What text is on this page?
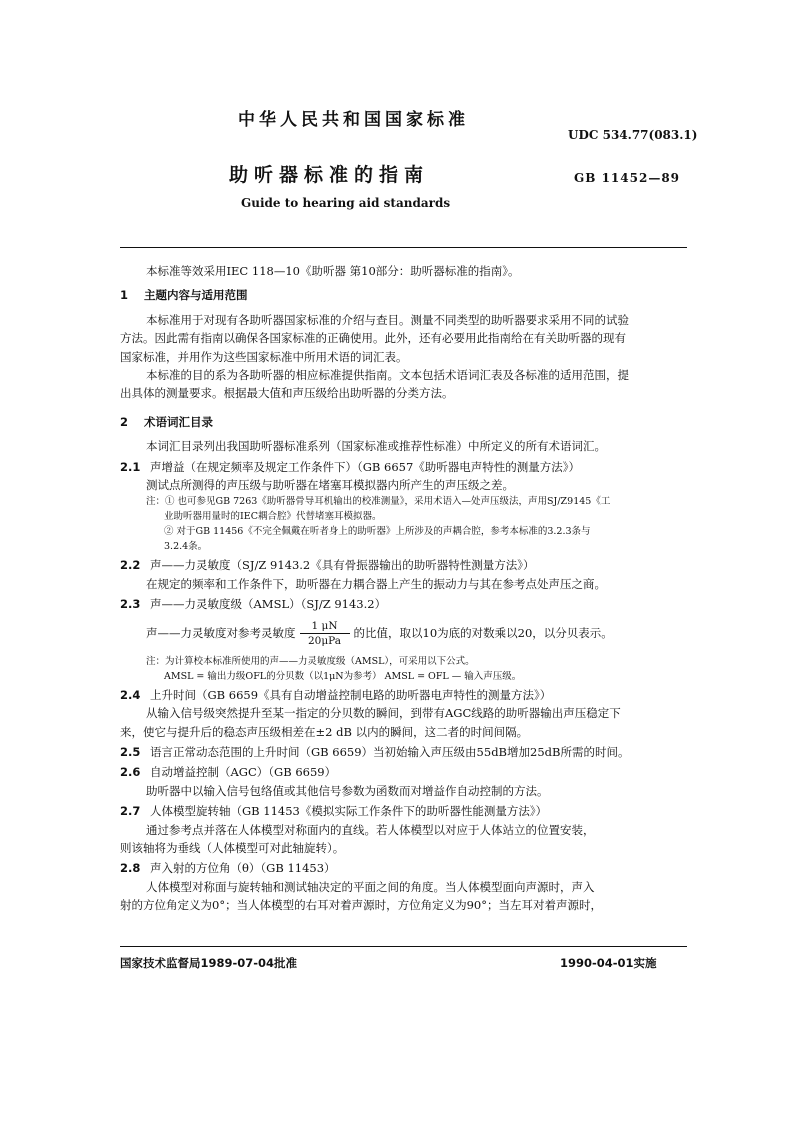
中华人民共和国国家标准
UDC 534.77(083.1)
助听器标准的指南	GB 11452—89
Guide to hearing aid standards

本标准等效采用IEC 118—10《助听器 第10部分：助听器标准的指南》。

1 主题内容与适用范围

本标准用于对现有各助听器国家标准的介绍与查目。测量不同类型的助听器要求采用不同的试验

方法。因此需有指南以确保各国家标准的正确使用。此外，还有必要用此指南给在有关助听器的现有

国家标准，并用作为这些国家标准中所用术语的词汇表。

本标准的目的系为各助听器的相应标准提供指南。文本包括术语词汇表及各标准的适用范围，提

出具体的测量要求。根据最大值和声压级给出助听器的分类方法。

2 术语词汇目录

本词汇目录列出我国助听器标准系列（国家标准或推荐性标准）中所定义的所有术语词汇。

2.1 声增益（在规定频率及规定工作条件下）（GB 6657《助听器电声特性的测量方法》）

测试点所测得的声压级与助听器在堵塞耳模拟器内所产生的声压级之差。

注：① 也可参见GB 7263《助听器骨导耳机输出的校准测量》，采用术语入—处声压级法，声用SJ/Z9145《工

业助听器用量时的IEC耦合腔》代替堵塞耳模拟器。

② 对于GB 11456《不完全佩戴在听者身上的助听器》上所涉及的声耦合腔，参考本标准的3.2.3条与

3.2.4条。

2.2 声——力灵敏度（SJ/Z 9143.2《具有骨振器输出的助听器特性测量方法》）

在规定的频率和工作条件下，助听器在力耦合器上产生的振动力与其在参考点处声压之商。

2.3 声——力灵敏度级（AMSL）（SJ/Z 9143.2）

声——力灵敏度对参考灵敏度 $\frac{1 \mu N}{\text{20μPa}}$ 的比值，取以10为底的对数乘以20，以分贝表示。

注：为计算校本标准所使用的声——力灵敏度级（AMSL），可采用以下公式。

AMSL = 输出力级OFL的分贝数（以1μN为参考） AMSL = OFL — 输入声压级。

2.4 上升时间（GB 6659《具有自动增益控制电路的助听器电声特性的测量方法》）

从输入信号级突然提升至某一指定的分贝数的瞬间，到带有AGC线路的助听器输出声压稳定下

来，使它与提升后的稳态声压级相差在±2 dB 以内的瞬间，这二者的时间间隔。

2.5 语言正常动态范围的上升时间（GB 6659）当初始输入声压级由55dB增加25dB所需的时间。

2.6 自动增益控制（AGC）（GB 6659）

助听器中以输入信号包络值或其他信号参数为函数而对增益作自动控制的方法。

2.7 人体模型旋转轴（GB 11453《模拟实际工作条件下的助听器性能测量方法》）

通过参考点并落在人体模型对称面内的直线。若人体模型以对应于人体站立的位置安装，

则该轴将为垂线（人体模型可对此轴旋转）。

2.8 声入射的方位角（θ）（GB 11453）

人体模型对称面与旋转轴和测试轴决定的平面之间的角度。当人体模型面向声源时，声入

射的方位角定义为0°；当人体模型的右耳对着声源时，方位角定义为90°；当左耳对着声源时，

国家技术监督局1989-07-04批准	1990-04-01实施
